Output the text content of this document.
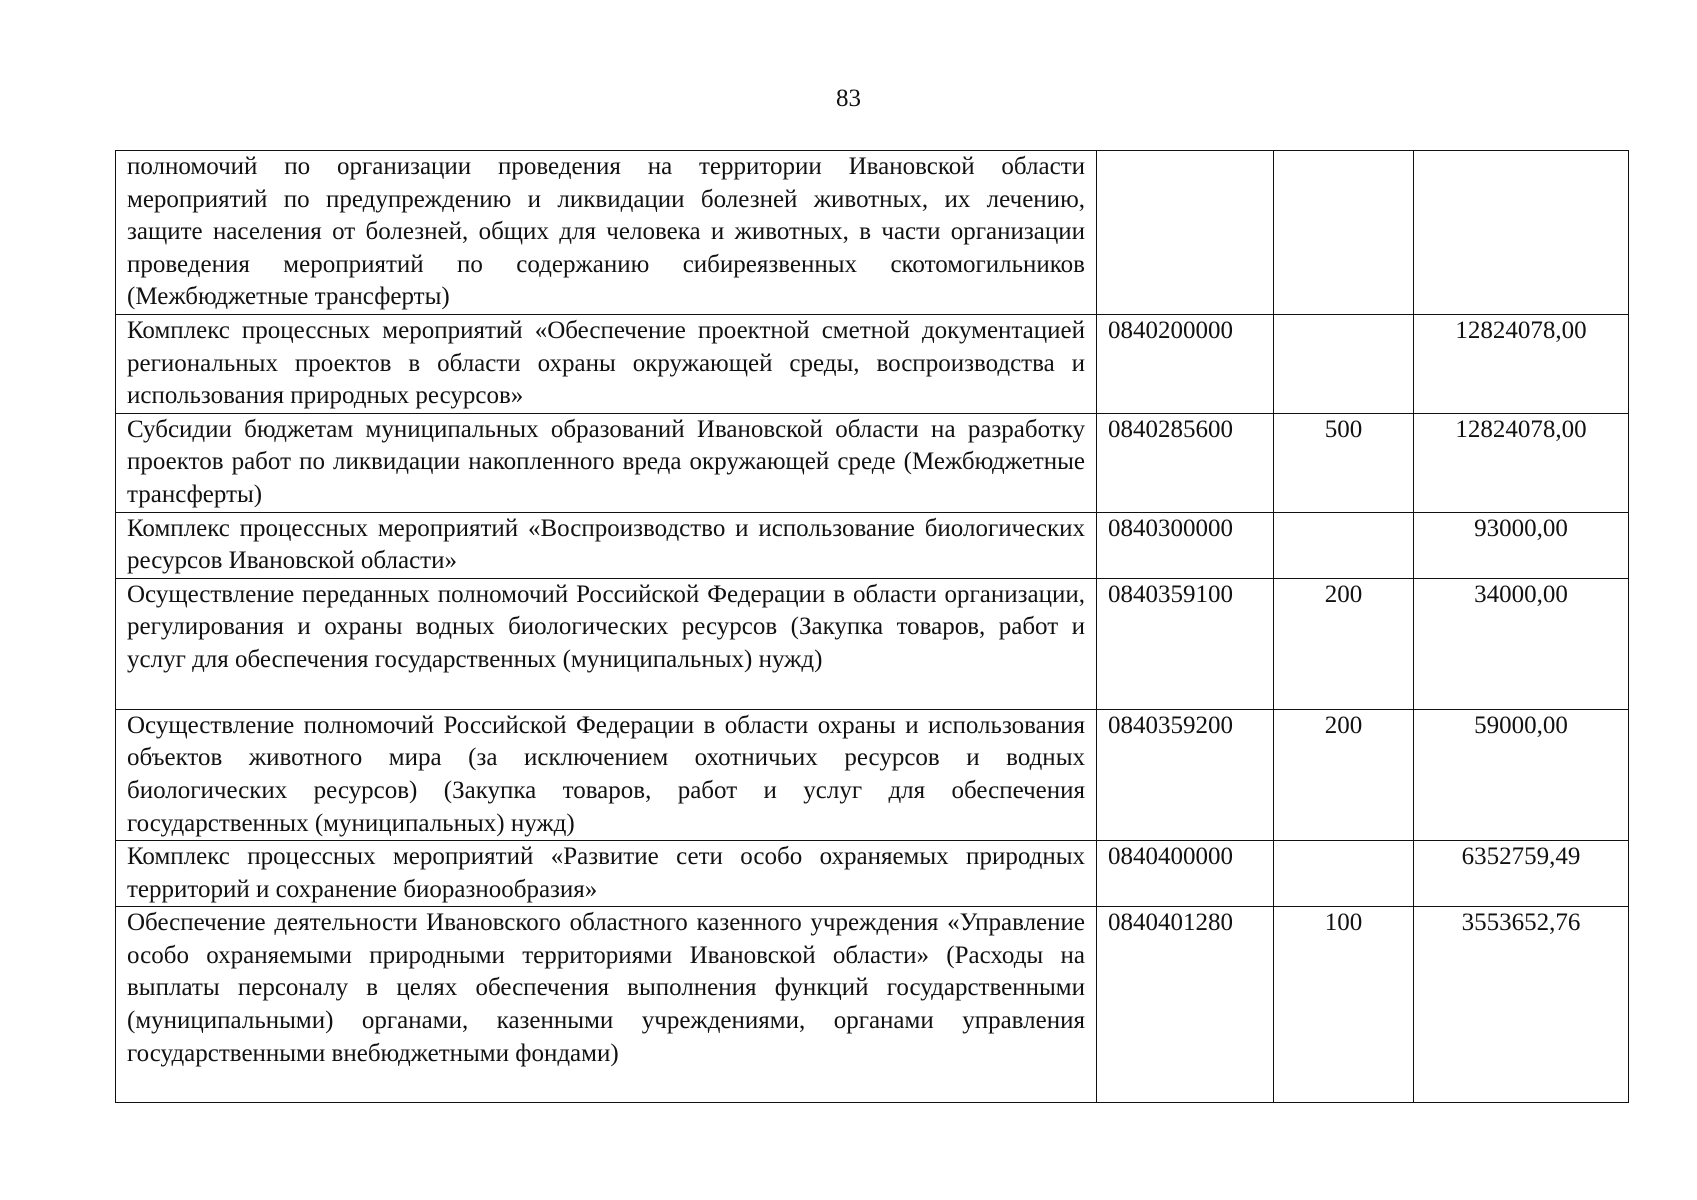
83
полномочий по организации проведения на территории Ивановской области мероприятий по предупреждению и ликвидации болезней животных, их лечению, защите населения от болезней, общих для человека и животных, в части организации проведения мероприятий по содержанию сибиреязвенных скотомогильников (Межбюджетные трансферты)			
Комплекс процессных мероприятий «Обеспечение проектной сметной документацией региональных проектов в области охраны окружающей среды, воспроизводства и использования природных ресурсов»	0840200000		12824078,00
Субсидии бюджетам муниципальных образований Ивановской области на разработку проектов работ по ликвидации накопленного вреда окружающей среде (Межбюджетные трансферты)	0840285600	500	12824078,00
Комплекс процессных мероприятий «Воспроизводство и использование биологических ресурсов Ивановской области»	0840300000		93000,00
Осуществление переданных полномочий Российской Федерации в области организации, регулирования и охраны водных биологических ресурсов (Закупка товаров, работ и услуг для обеспечения государственных (муниципальных) нужд)	0840359100	200	34000,00
Осуществление полномочий Российской Федерации в области охраны и использования объектов животного мира (за исключением охотничьих ресурсов и водных биологических ресурсов) (Закупка товаров, работ и услуг для обеспечения государственных (муниципальных) нужд)	0840359200	200	59000,00
Комплекс процессных мероприятий «Развитие сети особо охраняемых природных территорий и сохранение биоразнообразия»	0840400000		6352759,49
Обеспечение деятельности Ивановского областного казенного учреждения «Управление особо охраняемыми природными территориями Ивановской области» (Расходы на выплаты персоналу в целях обеспечения выполнения функций государственными (муниципальными) органами, казенными учреждениями, органами управления государственными внебюджетными фондами)	0840401280	100	3553652,76
